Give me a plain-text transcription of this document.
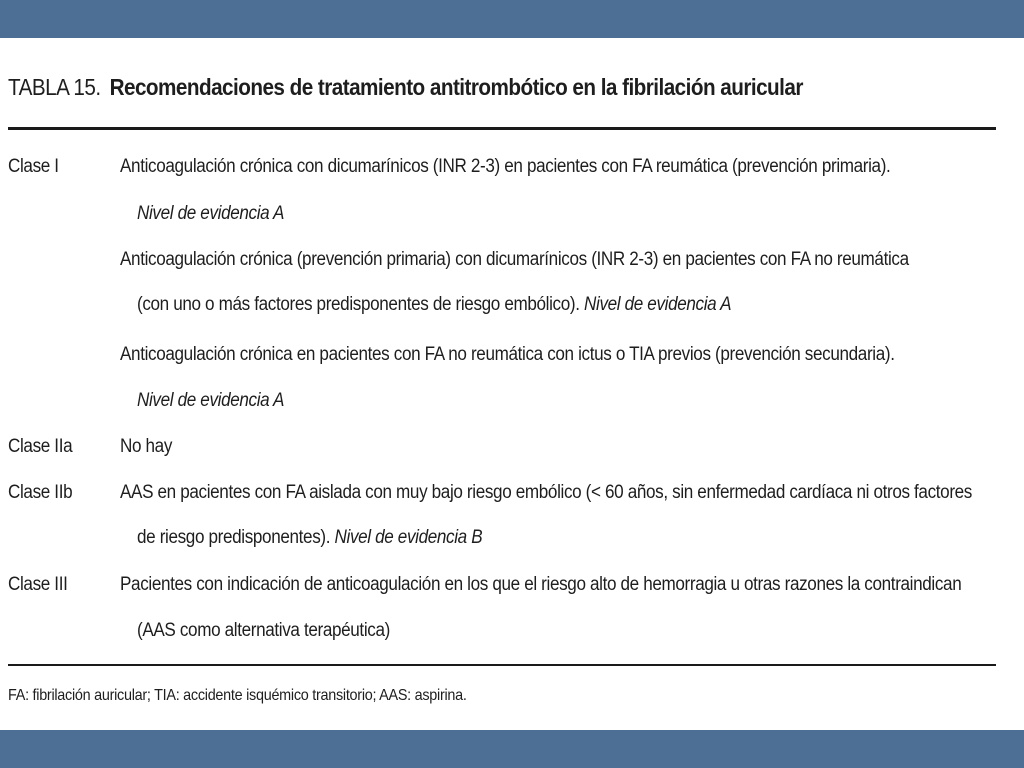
TABLA 15. Recomendaciones de tratamiento antitrombótico en la fibrilación auricular
Clase I	Anticoagulación crónica con dicumarínicos (INR 2-3) en pacientes con FA reumática (prevención primaria).
Nivel de evidencia A
Anticoagulación crónica (prevención primaria) con dicumarínicos (INR 2-3) en pacientes con FA no reumática
(con uno o más factores predisponentes de riesgo embólico). Nivel de evidencia A
Anticoagulación crónica en pacientes con FA no reumática con ictus o TIA previos (prevención secundaria).
Nivel de evidencia A
Clase IIa	No hay
Clase IIb	AAS en pacientes con FA aislada con muy bajo riesgo embólico (< 60 años, sin enfermedad cardíaca ni otros factores
de riesgo predisponentes). Nivel de evidencia B
Clase III	Pacientes con indicación de anticoagulación en los que el riesgo alto de hemorragia u otras razones la contraindican
(AAS como alternativa terapéutica)
FA: fibrilación auricular; TIA: accidente isquémico transitorio; AAS: aspirina.
